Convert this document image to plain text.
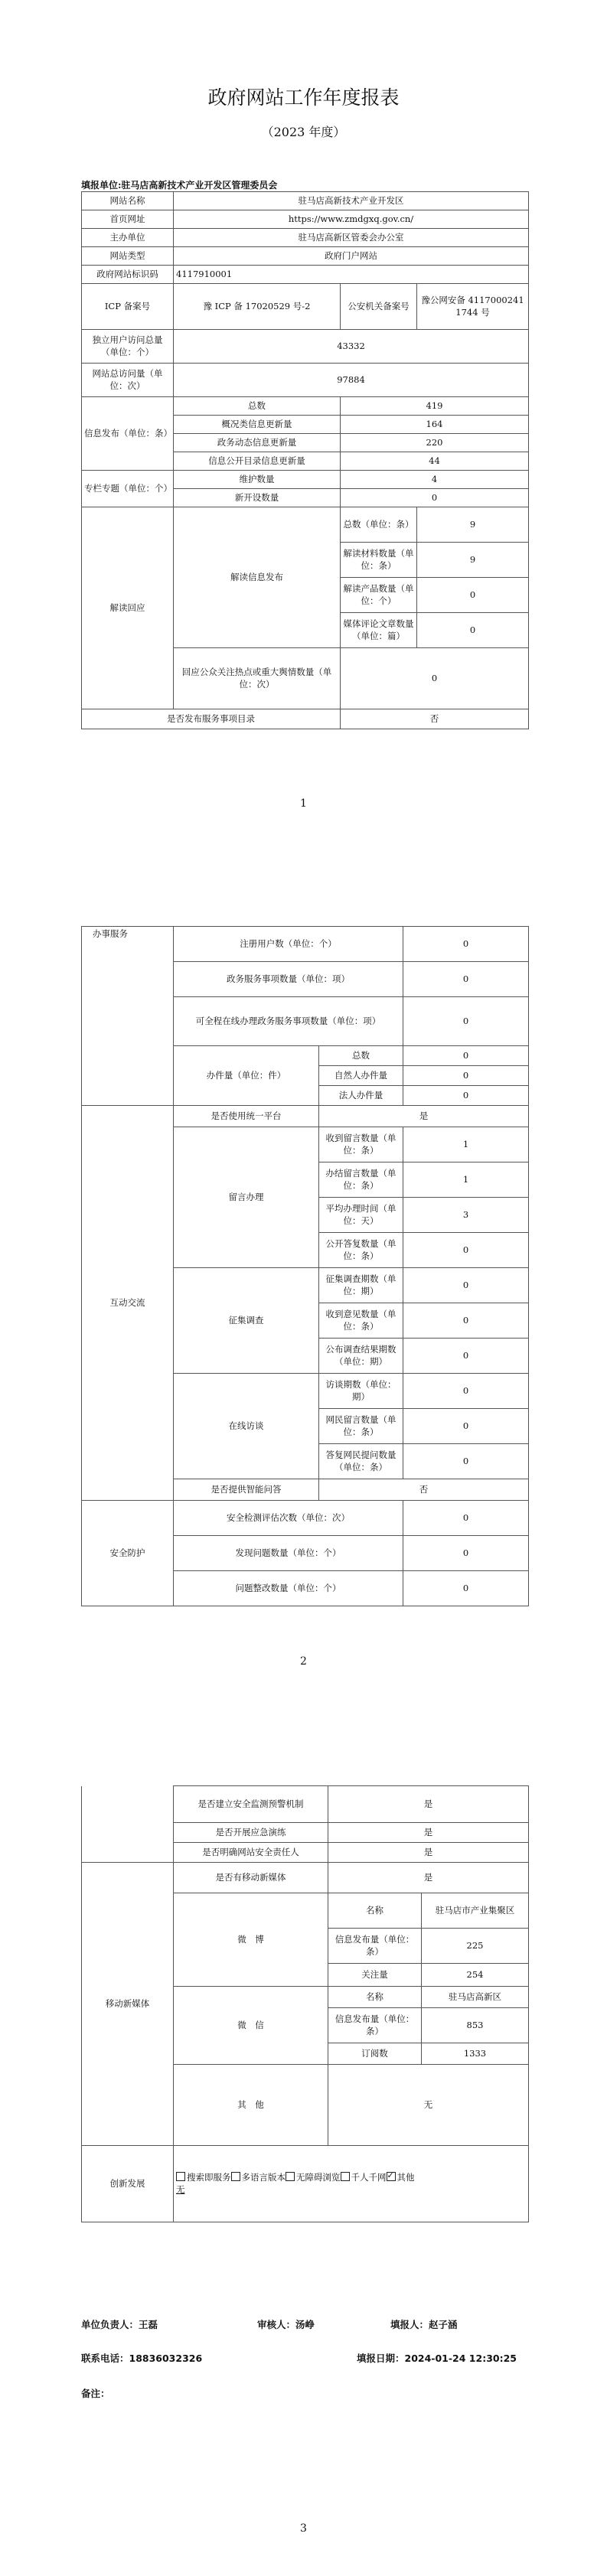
政府网站工作年度报表
（2023 年度）
填报单位:驻马店高新技术产业开发区管理委员会
网站名称	驻马店高新技术产业开发区		
首页网址	https://www.zmdgxq.gov.cn/		
主办单位	驻马店高新区管委会办公室		
网站类型	政府门户网站		
政府网站标识码	4117910001		
ICP 备案号	豫 ICP 备 17020529 号-2	公安机关备案号	豫公网安备 41170002411744 号
独立用户访问总量（单位：个）	43332		
网站总访问量（单位：次）	97884		
信息发布（单位：条）	总数	419	
	概况类信息更新量	164	
	政务动态信息更新量	220	
	信息公开目录信息更新量	44	
专栏专题（单位：个）	维护数量	4	
	新开设数量	0	
解读回应	解读信息发布	总数（单位：条）	9
		解读材料数量（单位：条）	9
		解读产品数量（单位：个）	0
		媒体评论文章数量（单位：篇）	0
	回应公众关注热点或重大舆情数量（单位：次）	0	
是否发布服务事项目录		否	
1
办事服务	注册用户数（单位：个）		0
	政务服务事项数量（单位：项）		0
	可全程在线办理政务服务事项数量（单位：项）		0
	办件量（单位：件）	总数	0
		自然人办件量	0
		法人办件量	0
互动交流	是否使用统一平台	是	
	留言办理	收到留言数量（单位：条）	1
		办结留言数量（单位：条）	1
		平均办理时间（单位：天）	3
		公开答复数量（单位：条）	0
	征集调查	征集调查期数（单位：期）	0
		收到意见数量（单位：条）	0
		公布调查结果期数（单位：期）	0
	在线访谈	访谈期数（单位：期）	0
		网民留言数量（单位：条）	0
		答复网民提问数量（单位：条）	0
	是否提供智能问答	否	
安全防护	安全检测评估次数（单位：次）		0
	发现问题数量（单位：个）		0
	问题整改数量（单位：个）		0
2
	是否建立安全监测预警机制	是	
	是否开展应急演练	是	
	是否明确网站安全责任人	是	
移动新媒体	是否有移动新媒体	是	
	微　博	名称	驻马店市产业集聚区
		信息发布量（单位：条）	225
		关注量	254
	微　信	名称	驻马店高新区
		信息发布量（单位：条）	853
		订阅数	1333
	其　他	无	
创新发展	搜索即服务 多语言版本 无障碍浏览 千人千网 ✓ 其他
无
单位负责人：王磊	审核人：汤峥	填报人：赵子涵
联系电话：18836032326	填报日期：2024-01-24 12:30:25
备注：
3
